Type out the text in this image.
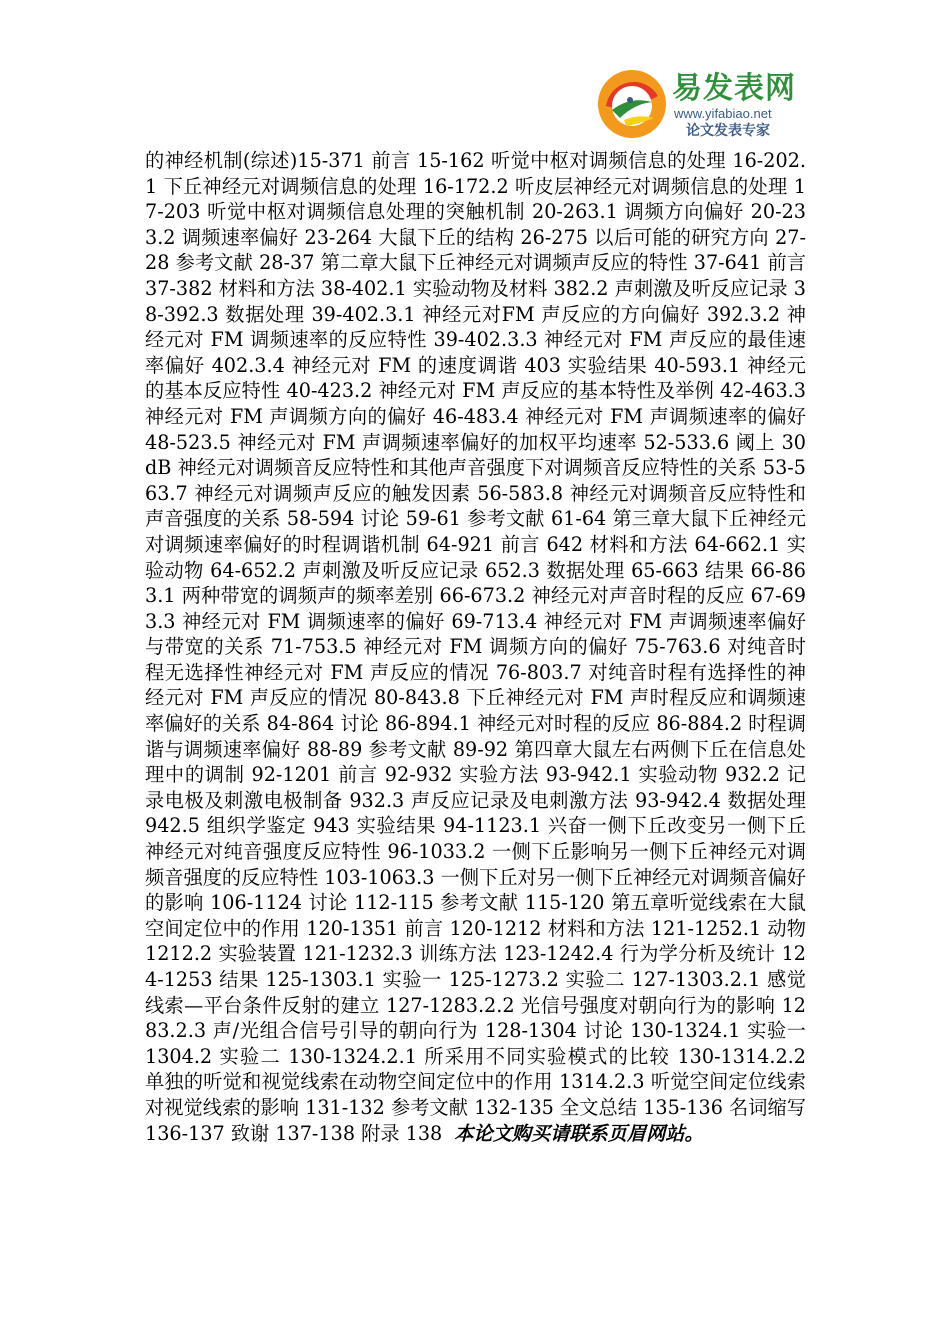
易发表网
www.yifabiao.net
论文发表专家
的神经机制(综述)15-371 前言 15-162 听觉中枢对调频信息的处理 16-202.1 下丘神经元对调频信息的处理 16-172.2 听皮层神经元对调频信息的处理 17-203 听觉中枢对调频信息处理的突触机制 20-263.1 调频方向偏好 20-233.2 调频速率偏好 23-264 大鼠下丘的结构 26-275 以后可能的研究方向 27-28 参考文献 28-37 第二章大鼠下丘神经元对调频声反应的特性 37-641 前言 37-382 材料和方法 38-402.1 实验动物及材料 382.2 声刺激及听反应记录 38-392.3 数据处理 39-402.3.1 神经元对FM 声反应的方向偏好 392.3.2 神经元对 FM 调频速率的反应特性 39-402.3.3 神经元对 FM 声反应的最佳速率偏好 402.3.4 神经元对 FM 的速度调谐 403 实验结果 40-593.1 神经元的基本反应特性 40-423.2 神经元对 FM 声反应的基本特性及举例 42-463.3 神经元对 FM 声调频方向的偏好 46-483.4 神经元对 FM 声调频速率的偏好 48-523.5 神经元对 FM 声调频速率偏好的加权平均速率 52-533.6 阈上 30dB 神经元对调频音反应特性和其他声音强度下对调频音反应特性的关系 53-563.7 神经元对调频声反应的触发因素 56-583.8 神经元对调频音反应特性和声音强度的关系 58-594 讨论 59-61 参考文献 61-64 第三章大鼠下丘神经元对调频速率偏好的时程调谐机制 64-921 前言 642 材料和方法 64-662.1 实验动物 64-652.2 声刺激及听反应记录 652.3 数据处理 65-663 结果 66-863.1 两种带宽的调频声的频率差别 66-673.2 神经元对声音时程的反应 67-693.3 神经元对 FM 调频速率的偏好 69-713.4 神经元对 FM 声调频速率偏好与带宽的关系 71-753.5 神经元对 FM 调频方向的偏好 75-763.6 对纯音时程无选择性神经元对 FM 声反应的情况 76-803.7 对纯音时程有选择性的神经元对 FM 声反应的情况 80-843.8 下丘神经元对 FM 声时程反应和调频速率偏好的关系 84-864 讨论 86-894.1 神经元对时程的反应 86-884.2 时程调谐与调频速率偏好 88-89 参考文献 89-92 第四章大鼠左右两侧下丘在信息处理中的调制 92-1201 前言 92-932 实验方法 93-942.1 实验动物 932.2 记录电极及刺激电极制备 932.3 声反应记录及电刺激方法 93-942.4 数据处理 942.5 组织学鉴定 943 实验结果 94-1123.1 兴奋一侧下丘改变另一侧下丘神经元对纯音强度反应特性 96-1033.2 一侧下丘影响另一侧下丘神经元对调频音强度的反应特性 103-1063.3 一侧下丘对另一侧下丘神经元对调频音偏好的影响 106-1124 讨论 112-115 参考文献 115-120 第五章听觉线索在大鼠空间定位中的作用 120-1351 前言 120-1212 材料和方法 121-1252.1 动物 1212.2 实验装置 121-1232.3 训练方法 123-1242.4 行为学分析及统计 124-1253 结果 125-1303.1 实验一 125-1273.2 实验二 127-1303.2.1 感觉线索—平台条件反射的建立 127-1283.2.2 光信号强度对朝向行为的影响 1283.2.3 声/光组合信号引导的朝向行为 128-1304 讨论 130-1324.1 实验一 1304.2 实验二 130-1324.2.1 所采用不同实验模式的比较 130-1314.2.2 单独的听觉和视觉线索在动物空间定位中的作用 1314.2.3 听觉空间定位线索对视觉线索的影响 131-132 参考文献 132-135 全文总结 135-136 名词缩写 136-137 致谢 137-138 附录 138 本论文购买请联系页眉网站。
